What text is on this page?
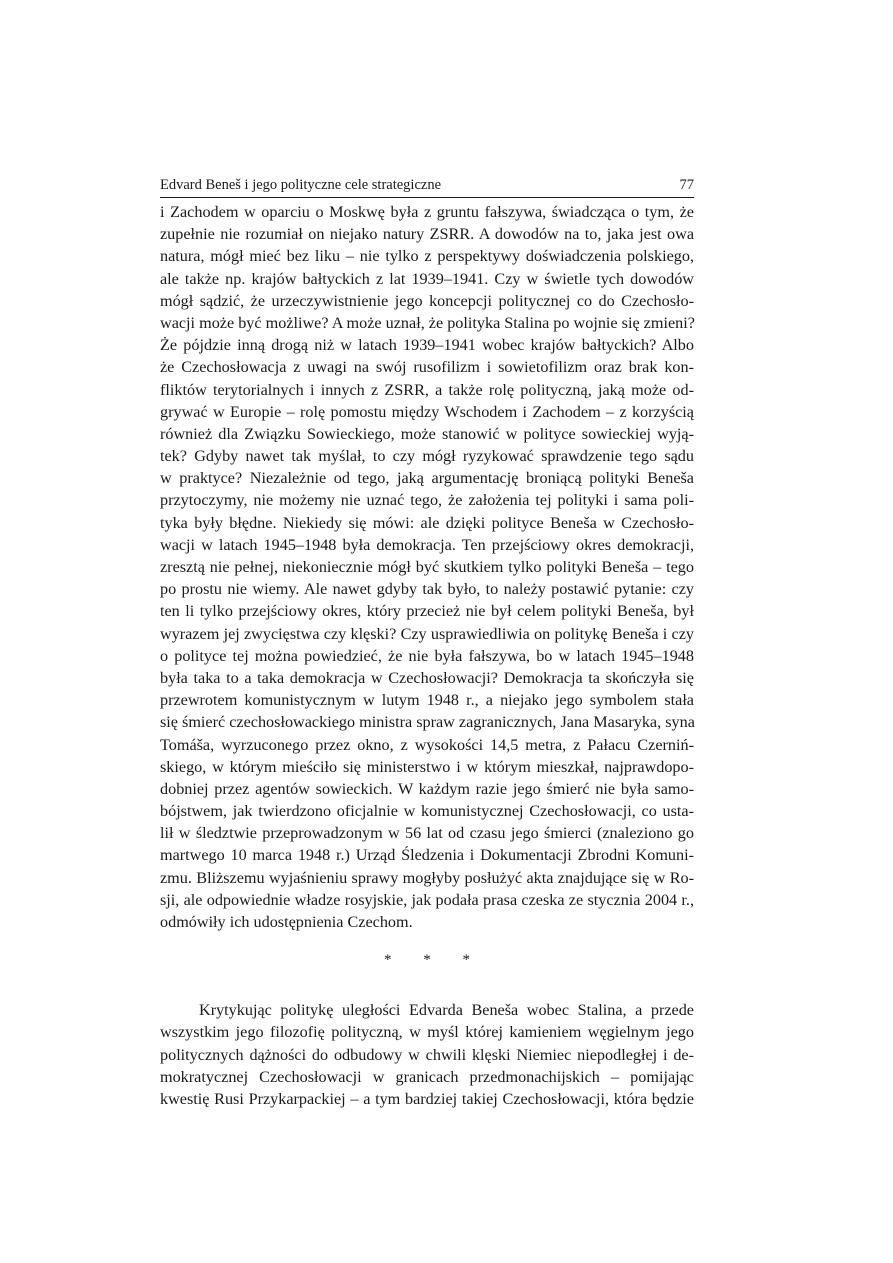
Edvard Beneš i jego polityczne cele strategiczne	77
i Zachodem w oparciu o Moskwę była z gruntu fałszywa, świadcząca o tym, że
zupełnie nie rozumiał on niejako natury ZSRR. A dowodów na to, jaka jest owa
natura, mógł mieć bez liku – nie tylko z perspektywy doświadczenia polskiego,
ale także np. krajów bałtyckich z lat 1939–1941. Czy w świetle tych dowodów
mógł sądzić, że urzeczywistnienie jego koncepcji politycznej co do Czechosło-
wacji może być możliwe? A może uznał, że polityka Stalina po wojnie się zmieni?
Że pójdzie inną drogą niż w latach 1939–1941 wobec krajów bałtyckich? Albo
że Czechosłowacja z uwagi na swój rusofilizm i sowietofilizm oraz brak kon-
fliktów terytorialnych i innych z ZSRR, a także rolę polityczną, jaką może od-
grywać w Europie – rolę pomostu między Wschodem i Zachodem – z korzyścią
również dla Związku Sowieckiego, może stanowić w polityce sowieckiej wyją-
tek? Gdyby nawet tak myślał, to czy mógł ryzykować sprawdzenie tego sądu
w praktyce? Niezależnie od tego, jaką argumentację broniącą polityki Beneša
przytoczymy, nie możemy nie uznać tego, że założenia tej polityki i sama poli-
tyka były błędne. Niekiedy się mówi: ale dzięki polityce Beneša w Czechosło-
wacji w latach 1945–1948 była demokracja. Ten przejściowy okres demokracji,
zresztą nie pełnej, niekoniecznie mógł być skutkiem tylko polityki Beneša – tego
po prostu nie wiemy. Ale nawet gdyby tak było, to należy postawić pytanie: czy
ten li tylko przejściowy okres, który przecież nie był celem polityki Beneša, był
wyrazem jej zwycięstwa czy klęski? Czy usprawiedliwia on politykę Beneša i czy
o polityce tej można powiedzieć, że nie była fałszywa, bo w latach 1945–1948
była taka to a taka demokracja w Czechosłowacji? Demokracja ta skończyła się
przewrotem komunistycznym w lutym 1948 r., a niejako jego symbolem stała
się śmierć czechosłowackiego ministra spraw zagranicznych, Jana Masaryka, syna
Tomáša, wyrzuconego przez okno, z wysokości 14,5 metra, z Pałacu Czerniń-
skiego, w którym mieściło się ministerstwo i w którym mieszkał, najprawdopo-
dobniej przez agentów sowieckich. W każdym razie jego śmierć nie była samo-
bójstwem, jak twierdzono oficjalnie w komunistycznej Czechosłowacji, co usta-
lił w śledztwie przeprowadzonym w 56 lat od czasu jego śmierci (znaleziono go
martwego 10 marca 1948 r.) Urząd Śledzenia i Dokumentacji Zbrodni Komuni-
zmu. Bliższemu wyjaśnieniu sprawy mogłyby posłużyć akta znajdujące się w Ro-
sji, ale odpowiednie władze rosyjskie, jak podała prasa czeska ze stycznia 2004 r.,
odmówiły ich udostępnienia Czechom.
* * *
Krytykując politykę uległości Edvarda Beneša wobec Stalina, a przede
wszystkim jego filozofię polityczną, w myśl której kamieniem węgielnym jego
politycznych dążności do odbudowy w chwili klęski Niemiec niepodległej i de-
mokratycznej Czechosłowacji w granicach przedmonachijskich – pomijając
kwestię Rusi Przykarpackiej – a tym bardziej takiej Czechosłowacji, która będzie
